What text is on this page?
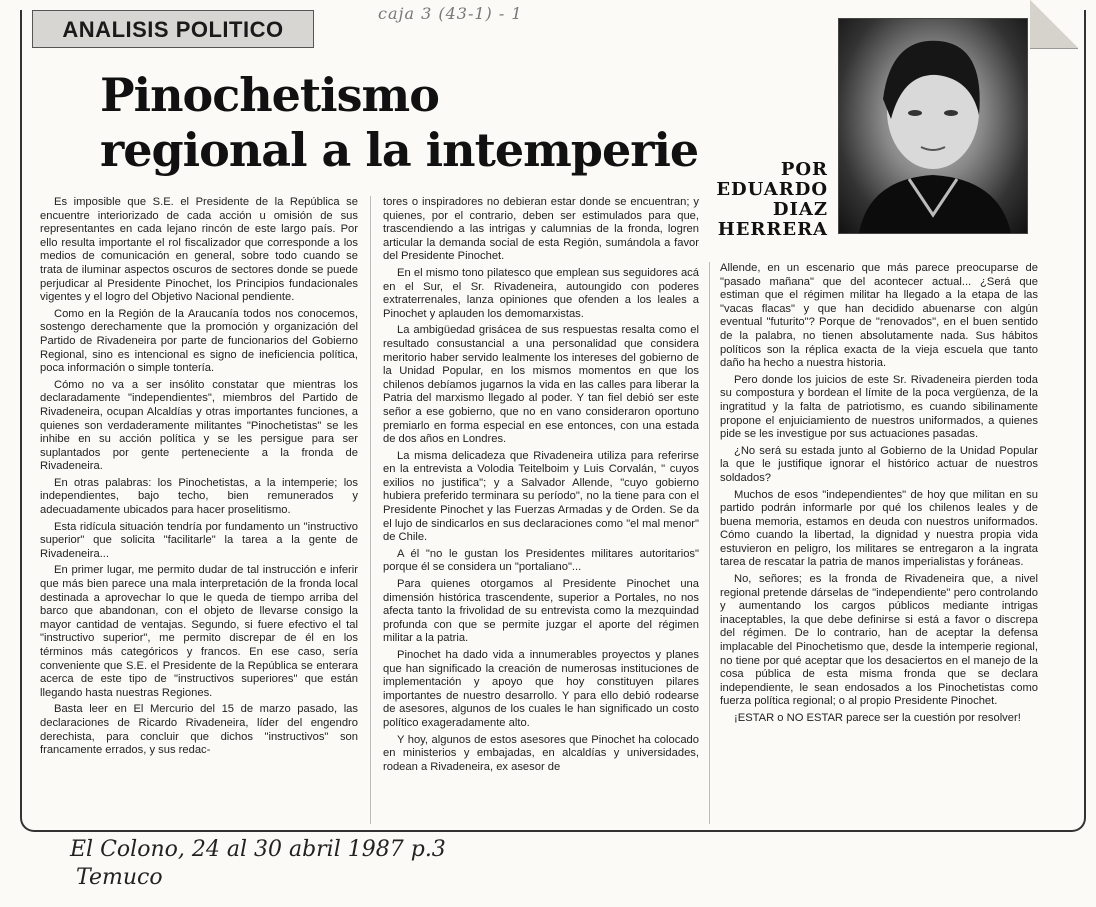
ANALISIS POLITICO
caja 3 (43-1) - 1
Pinochetismo
regional a la intemperie	POR
EDUARDO
DIAZ
HERRERA

Es imposible que S.E. el Presidente de la República se encuentre interiorizado de cada acción u omisión de sus representantes en cada lejano rincón de este largo país. Por ello resulta importante el rol fiscalizador que corresponde a los medios de comunicación en general, sobre todo cuando se trata de iluminar aspectos oscuros de sectores donde se puede perjudicar al Presidente Pinochet, los Principios fundacionales vigentes y el logro del Objetivo Nacional pendiente.

Como en la Región de la Araucanía todos nos conocemos, sostengo derechamente que la promoción y organización del Partido de Rivadeneira por parte de funcionarios del Gobierno Regional, sino es intencional es signo de ineficiencia política, poca información o simple tontería.

Cómo no va a ser insólito constatar que mientras los declaradamente "independientes", miembros del Partido de Rivadeneira, ocupan Alcaldías y otras importantes funciones, a quienes son verdaderamente militantes "Pinochetistas" se les inhibe en su acción política y se les persigue para ser suplantados por gente perteneciente a la fronda de Rivadeneira.

En otras palabras: los Pinochetistas, a la intemperie; los independientes, bajo techo, bien remunerados y adecuadamente ubicados para hacer proselitismo.

Esta ridícula situación tendría por fundamento un "instructivo superior" que solicita "facilitarle" la tarea a la gente de Rivadeneira...

En primer lugar, me permito dudar de tal instrucción e inferir que más bien parece una mala interpretación de la fronda local destinada a aprovechar lo que le queda de tiempo arriba del barco que abandonan, con el objeto de llevarse consigo la mayor cantidad de ventajas. Segundo, si fuere efectivo el tal "instructivo superior", me permito discrepar de él en los términos más categóricos y francos. En ese caso, sería conveniente que S.E. el Presidente de la República se enterara acerca de este tipo de "instructivos superiores" que están llegando hasta nuestras Regiones.

Basta leer en El Mercurio del 15 de marzo pasado, las declaraciones de Ricardo Rivadeneira, líder del engendro derechista, para concluir que dichos "instructivos" son francamente errados, y sus redac-

tores o inspiradores no debieran estar donde se encuentran; y quienes, por el contrario, deben ser estimulados para que, trascendiendo a las intrigas y calumnias de la fronda, logren articular la demanda social de esta Región, sumándola a favor del Presidente Pinochet.

En el mismo tono pilatesco que emplean sus seguidores acá en el Sur, el Sr. Rivadeneira, autoungido con poderes extraterrenales, lanza opiniones que ofenden a los leales a Pinochet y aplauden los demomarxistas.

La ambigüedad grisácea de sus respuestas resalta como el resultado consustancial a una personalidad que considera meritorio haber servido lealmente los intereses del gobierno de la Unidad Popular, en los mismos momentos en que los chilenos debíamos jugarnos la vida en las calles para liberar la Patria del marxismo llegado al poder. Y tan fiel debió ser este señor a ese gobierno, que no en vano consideraron oportuno premiarlo en forma especial en ese entonces, con una estada de dos años en Londres.

La misma delicadeza que Rivadeneira utiliza para referirse en la entrevista a Volodia Teitelboim y Luis Corvalán, " cuyos exilios no justifica"; y a Salvador Allende, "cuyo gobierno hubiera preferido terminara su período", no la tiene para con el Presidente Pinochet y las Fuerzas Armadas y de Orden. Se da el lujo de sindicarlos en sus declaraciones como "el mal menor" de Chile.

A él "no le gustan los Presidentes militares autoritarios" porque él se considera un "portaliano"...

Para quienes otorgamos al Presidente Pinochet una dimensión histórica trascendente, superior a Portales, no nos afecta tanto la frivolidad de su entrevista como la mezquindad profunda con que se permite juzgar el aporte del régimen militar a la patria.

Pinochet ha dado vida a innumerables proyectos y planes que han significado la creación de numerosas instituciones de implementación y apoyo que hoy constituyen pilares importantes de nuestro desarrollo. Y para ello debió rodearse de asesores, algunos de los cuales le han significado un costo político exageradamente alto.

Y hoy, algunos de estos asesores que Pinochet ha colocado en ministerios y embajadas, en alcaldías y universidades, rodean a Rivadeneira, ex asesor de

Allende, en un escenario que más parece preocuparse de "pasado mañana" que del acontecer actual... ¿Será que estiman que el régimen militar ha llegado a la etapa de las "vacas flacas" y que han decidido abuenarse con algún eventual "futurito"? Porque de "renovados", en el buen sentido de la palabra, no tienen absolutamente nada. Sus hábitos políticos son la réplica exacta de la vieja escuela que tanto daño ha hecho a nuestra historia.

Pero donde los juicios de este Sr. Rivadeneira pierden toda su compostura y bordean el límite de la poca vergüenza, de la ingratitud y la falta de patriotismo, es cuando sibilinamente propone el enjuiciamiento de nuestros uniformados, a quienes pide se les investigue por sus actuaciones pasadas.

¿No será su estada junto al Gobierno de la Unidad Popular la que le justifique ignorar el histórico actuar de nuestros soldados?

Muchos de esos "independientes" de hoy que militan en su partido podrán informarle por qué los chilenos leales y de buena memoria, estamos en deuda con nuestros uniformados. Cómo cuando la libertad, la dignidad y nuestra propia vida estuvieron en peligro, los militares se entregaron a la ingrata tarea de rescatar la patria de manos imperialistas y foráneas.

No, señores; es la fronda de Rivadeneira que, a nivel regional pretende dárselas de "independiente" pero controlando y aumentando los cargos públicos mediante intrigas inaceptables, la que debe definirse si está a favor o discrepa del régimen. De lo contrario, han de aceptar la defensa implacable del Pinochetismo que, desde la intemperie regional, no tiene por qué aceptar que los desaciertos en el manejo de la cosa pública de esta misma fronda que se declara independiente, le sean endosados a los Pinochetistas como fuerza política regional; o al propio Presidente Pinochet.

¡ESTAR o NO ESTAR parece ser la cuestión por resolver!

El Colono, 24 al 30 abril 1987 p.3
Temuco
